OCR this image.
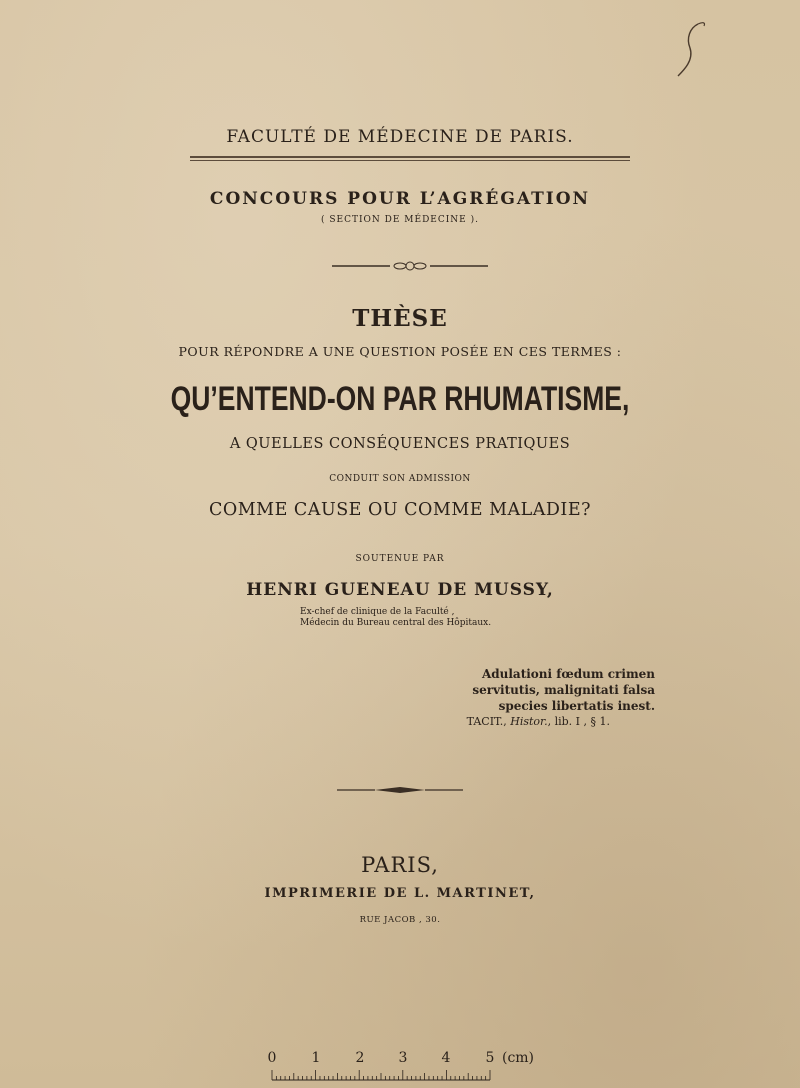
FACULTÉ DE MÉDECINE DE PARIS.
CONCOURS POUR L’AGRÉGATION
( SECTION DE MÉDECINE ).
THÈSE
POUR RÉPONDRE A UNE QUESTION POSÉE EN CES TERMES :
QU’ENTEND-ON PAR RHUMATISME,
A QUELLES CONSÉQUENCES PRATIQUES
CONDUIT SON ADMISSION
COMME CAUSE OU COMME MALADIE?
SOUTENUE PAR
HENRI GUENEAU DE MUSSY,
Ex-chef de clinique de la Faculté ,
Médecin du Bureau central des Hôpitaux.
Adulationi fœdum crimen
servitutis, malignitati falsa
species libertatis inest.
TACIT., Histor., lib. I , § 1.
PARIS,
IMPRIMERIE DE L. MARTINET,
RUE JACOB , 30.
0	1	2 3 4	5 (cm)
